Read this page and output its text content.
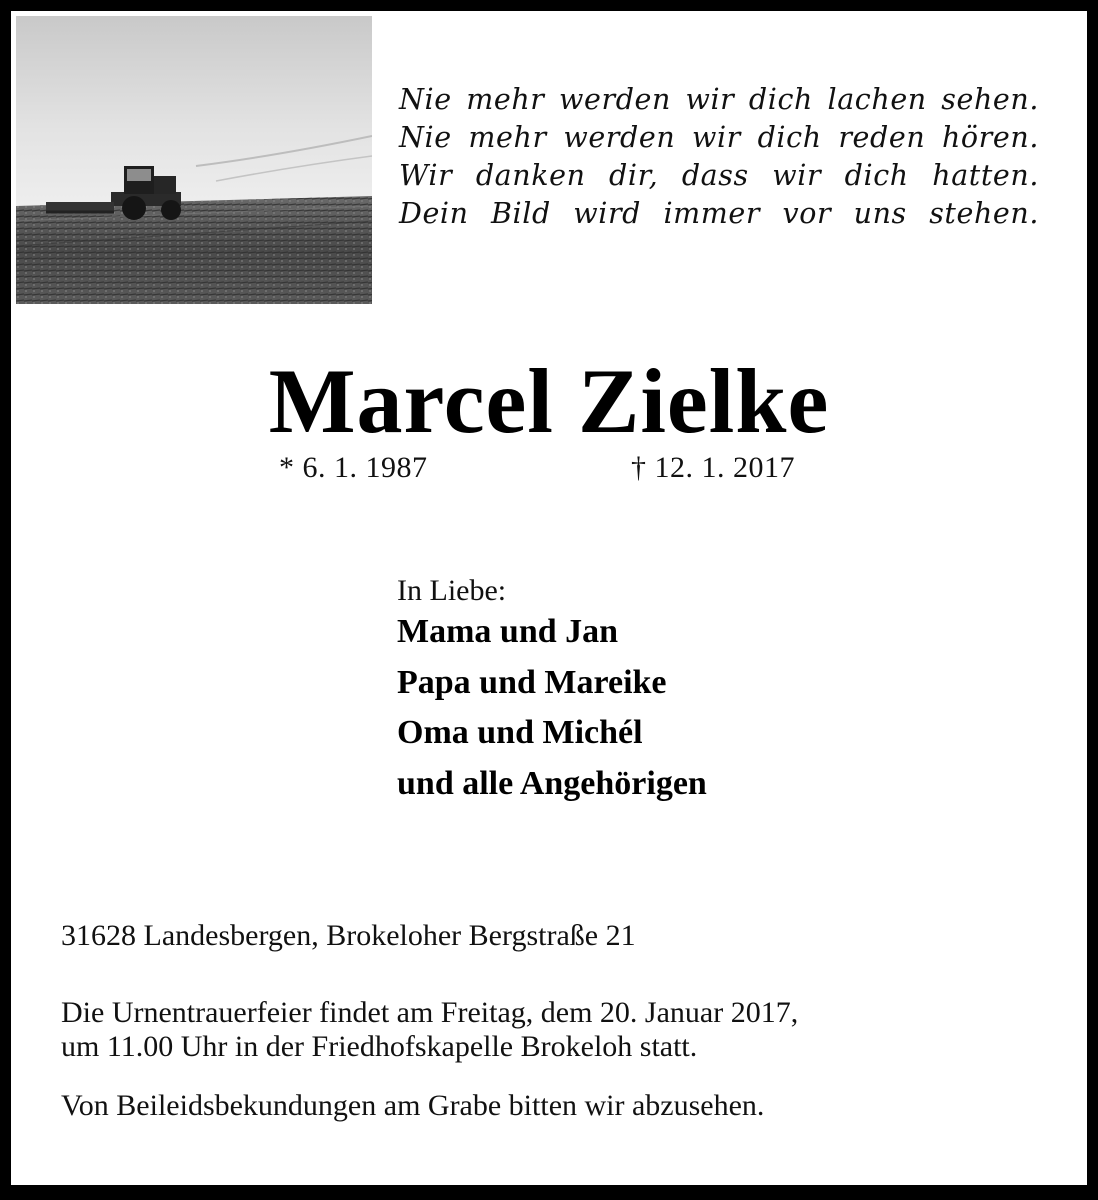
Nie mehr werden wir dich lachen sehen.
Nie mehr werden wir dich reden hören.
Wir danken dir, dass wir dich hatten.
Dein Bild wird immer vor uns stehen.
Marcel Zielke
* 6. 1. 1987	† 12. 1. 2017
In Liebe:
Mama und Jan
Papa und Mareike
Oma und Michél
und alle Angehörigen
31628 Landesbergen, Brokeloher Bergstraße 21
Die Urnentrauerfeier findet am Freitag, dem 20. Januar 2017,
um 11.00 Uhr in der Friedhofskapelle Brokeloh statt.
Von Beileidsbekundungen am Grabe bitten wir abzusehen.
